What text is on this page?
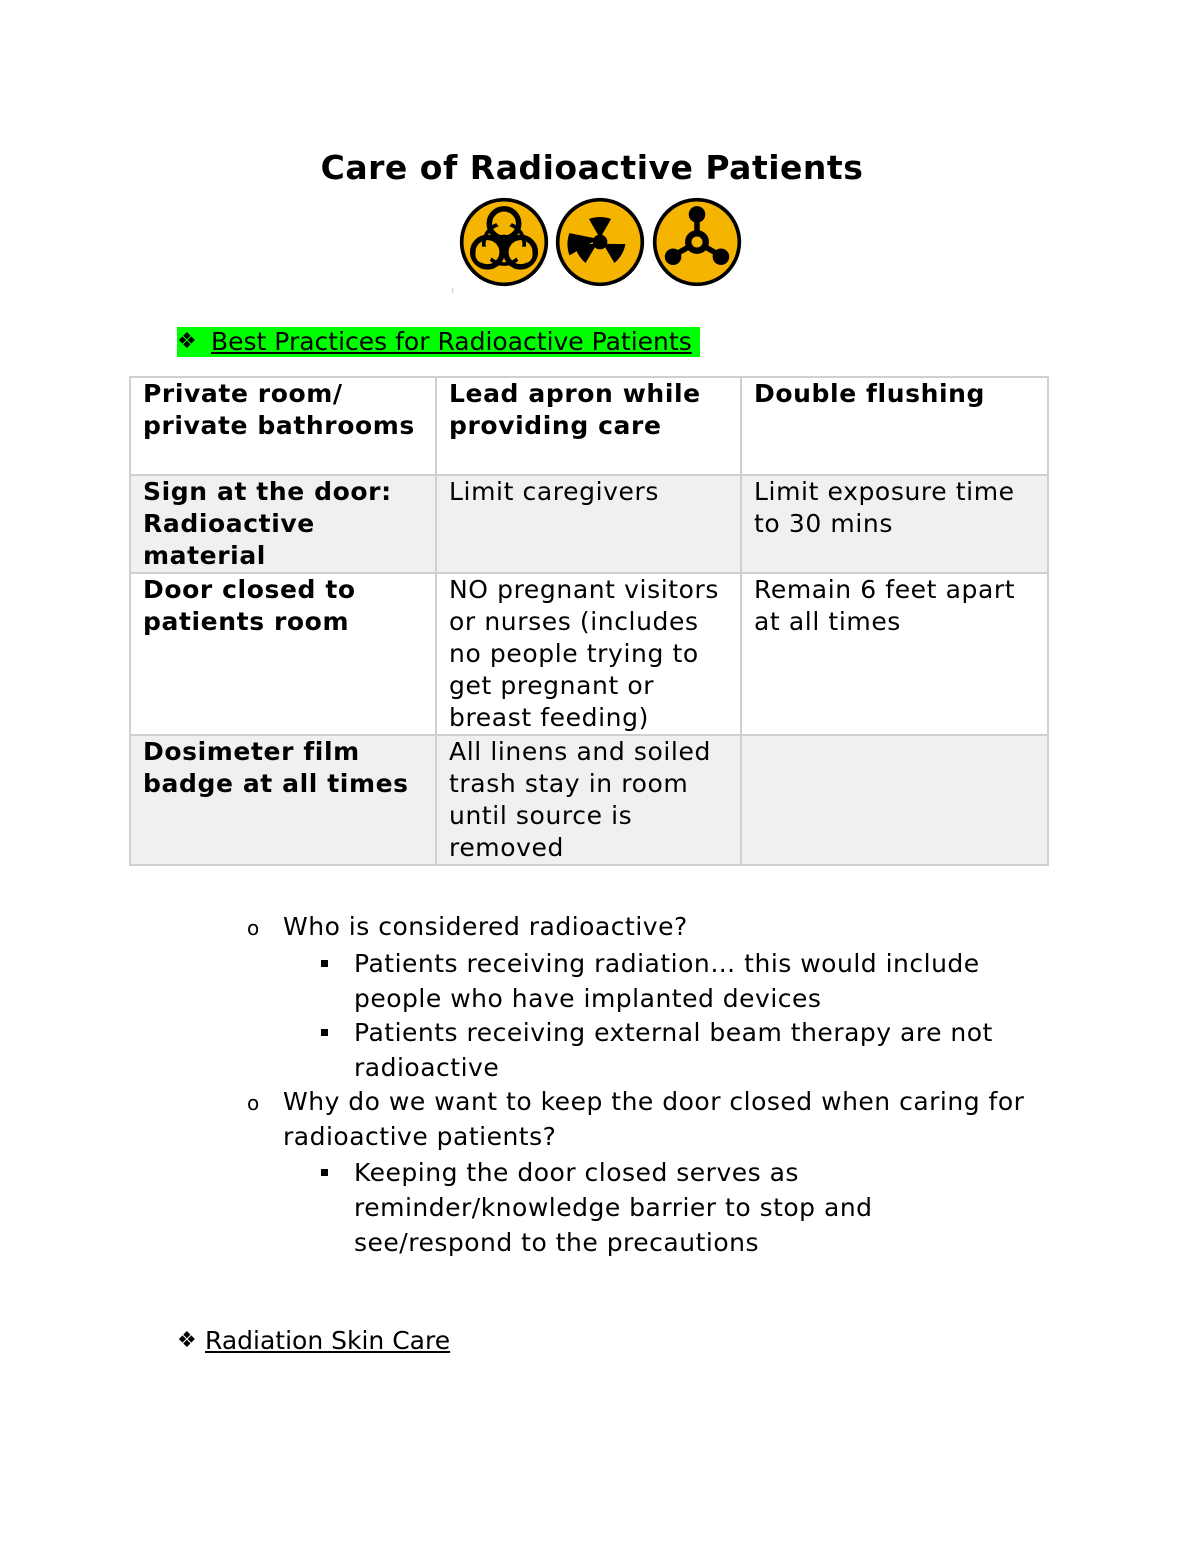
Care of Radioactive Patients
l
❖ Best Practices for Radioactive Patients
Private room/ private bathrooms	Lead apron while providing care	Double flushing
Sign at the door: Radioactive material	Limit caregivers	Limit exposure time to 30 mins
Door closed to patients room	NO pregnant visitors or nurses (includes no people trying to get pregnant or breast feeding)	Remain 6 feet apart at all times
Dosimeter film badge at all times	All linens and soiled trash stay in room until source is removed	
o Who is considered radioactive?
Patients receiving radiation… this would include people who have implanted devices
Patients receiving external beam therapy are not radioactive
o Why do we want to keep the door closed when caring for radioactive patients?
Keeping the door closed serves as reminder/knowledge barrier to stop and see/respond to the precautions
❖ Radiation Skin Care
